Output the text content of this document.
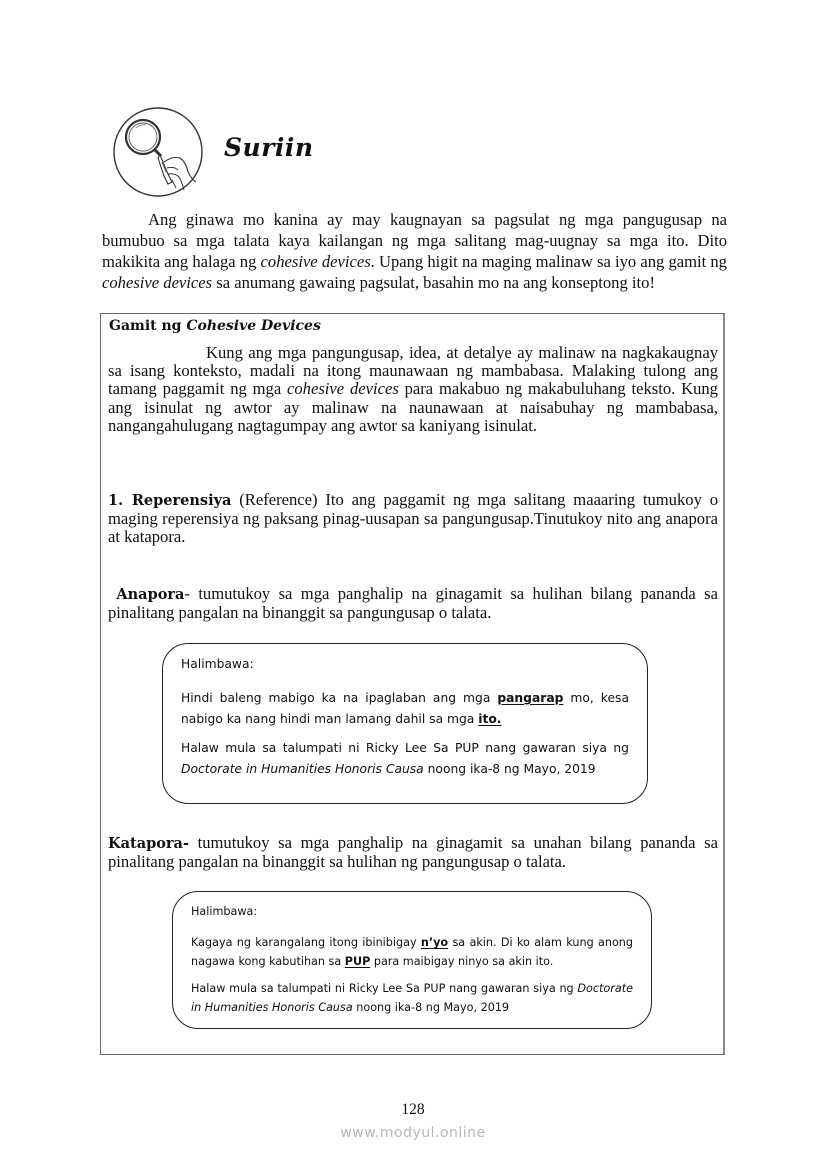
Suriin
Ang ginawa mo kanina ay may kaugnayan sa pagsulat ng mga pangugusap na bumubuo sa mga talata kaya kailangan ng mga salitang mag-uugnay sa mga ito. Dito makikita ang halaga ng cohesive devices. Upang higit na maging malinaw sa iyo ang gamit ng cohesive devices sa anumang gawaing pagsulat, basahin mo na ang konseptong ito!
Gamit ng Cohesive Devices
Kung ang mga pangungusap, idea, at detalye ay malinaw na nagkakaugnay sa isang konteksto, madali na itong maunawaan ng mambabasa. Malaking tulong ang tamang paggamit ng mga cohesive devices para makabuo ng makabuluhang teksto. Kung ang isinulat ng awtor ay malinaw na naunawaan at naisabuhay ng mambabasa, nangangahulugang nagtagumpay ang awtor sa kaniyang isinulat.
1. Reperensiya (Reference) Ito ang paggamit ng mga salitang maaaring tumukoy o maging reperensiya ng paksang pinag-uusapan sa pangungusap.Tinutukoy nito ang anapora at katapora.
Anapora- tumutukoy sa mga panghalip na ginagamit sa hulihan bilang pananda sa pinalitang pangalan na binanggit sa pangungusap o talata.
Halimbawa:
Hindi baleng mabigo ka na ipaglaban ang mga pangarap mo, kesa nabigo ka nang hindi man lamang dahil sa mga ito.
Halaw mula sa talumpati ni Ricky Lee Sa PUP nang gawaran siya ng Doctorate in Humanities Honoris Causa noong ika-8 ng Mayo, 2019
Katapora- tumutukoy sa mga panghalip na ginagamit sa unahan bilang pananda sa pinalitang pangalan na binanggit sa hulihan ng pangungusap o talata.
Halimbawa:
Kagaya ng karangalang itong ibinibigay n’yo sa akin. Di ko alam kung anong nagawa kong kabutihan sa PUP para maibigay ninyo sa akin ito.
Halaw mula sa talumpati ni Ricky Lee Sa PUP nang gawaran siya ng Doctorate in Humanities Honoris Causa noong ika-8 ng Mayo, 2019
128
www.modyul.online
